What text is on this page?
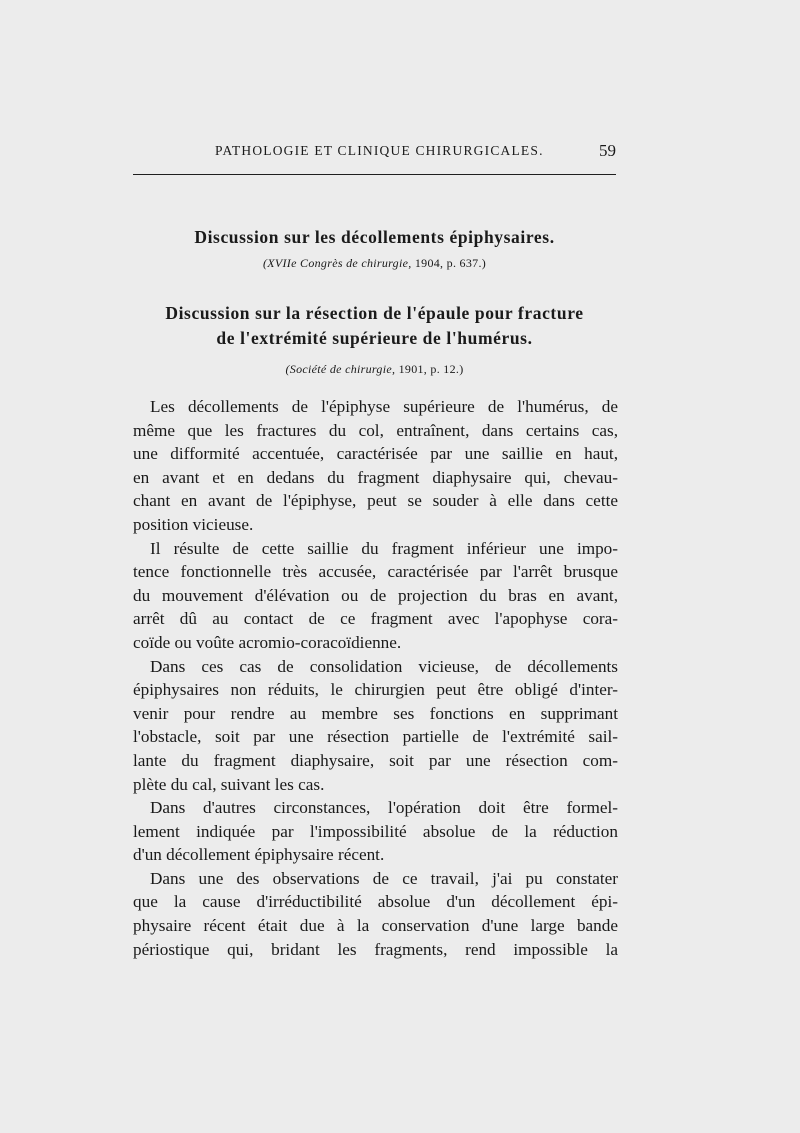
PATHOLOGIE ET CLINIQUE CHIRURGICALES.	59
Discussion sur les décollements épiphysaires.
(XVIIe Congrès de chirurgie, 1904, p. 637.)
Discussion sur la résection de l'épaule pour fracture
de l'extrémité supérieure de l'humérus.
(Société de chirurgie, 1901, p. 12.)
Les décollements de l'épiphyse supérieure de l'humérus, de
même que les fractures du col, entraînent, dans certains cas,
une difformité accentuée, caractérisée par une saillie en haut,
en avant et en dedans du fragment diaphysaire qui, chevau-
chant en avant de l'épiphyse, peut se souder à elle dans cette
position vicieuse.
Il résulte de cette saillie du fragment inférieur une impo-
tence fonctionnelle très accusée, caractérisée par l'arrêt brusque
du mouvement d'élévation ou de projection du bras en avant,
arrêt dû au contact de ce fragment avec l'apophyse cora-
coïde ou voûte acromio-coracoïdienne.
Dans ces cas de consolidation vicieuse, de décollements
épiphysaires non réduits, le chirurgien peut être obligé d'inter-
venir pour rendre au membre ses fonctions en supprimant
l'obstacle, soit par une résection partielle de l'extrémité sail-
lante du fragment diaphysaire, soit par une résection com-
plète du cal, suivant les cas.
Dans d'autres circonstances, l'opération doit être formel-
lement indiquée par l'impossibilité absolue de la réduction
d'un décollement épiphysaire récent.
Dans une des observations de ce travail, j'ai pu constater
que la cause d'irréductibilité absolue d'un décollement épi-
physaire récent était due à la conservation d'une large bande
périostique qui, bridant les fragments, rend impossible la
